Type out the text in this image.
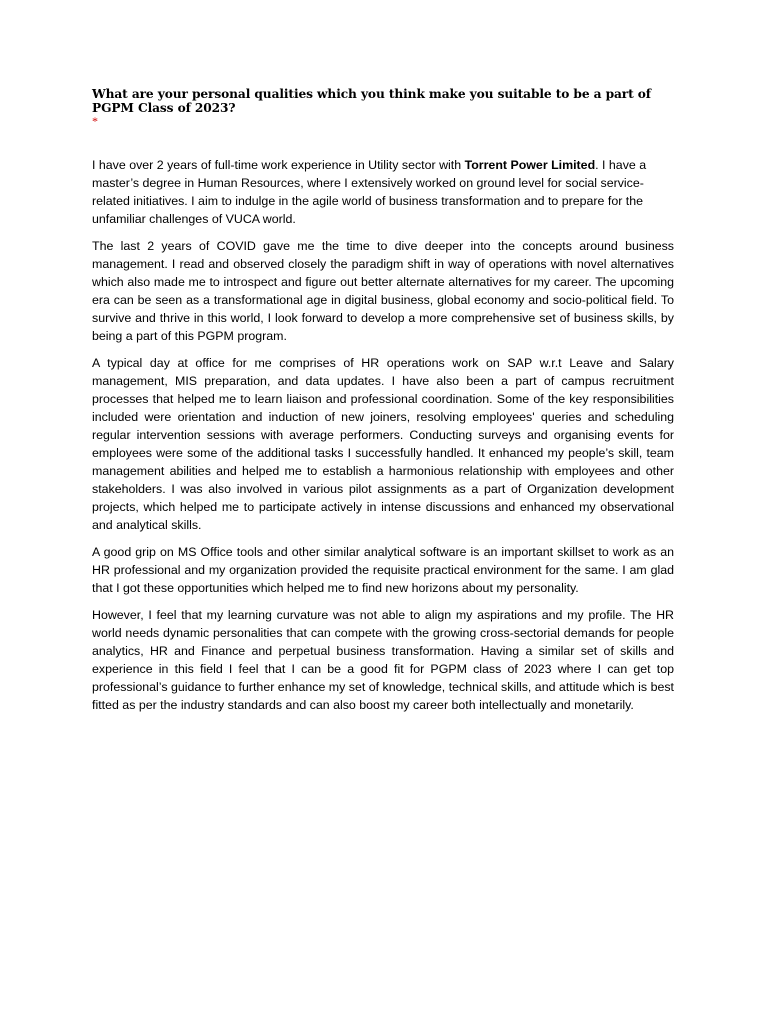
What are your personal qualities which you think make you suitable to be a part of PGPM Class of 2023?
*

I have over 2 years of full-time work experience in Utility sector with Torrent Power Limited. I have a master’s degree in Human Resources, where I extensively worked on ground level for social service-related initiatives. I aim to indulge in the agile world of business transformation and to prepare for the unfamiliar challenges of VUCA world.

The last 2 years of COVID gave me the time to dive deeper into the concepts around business management. I read and observed closely the paradigm shift in way of operations with novel alternatives which also made me to introspect and figure out better alternate alternatives for my career. The upcoming era can be seen as a transformational age in digital business, global economy and socio-political field. To survive and thrive in this world, I look forward to develop a more comprehensive set of business skills, by being a part of this PGPM program.

A typical day at office for me comprises of HR operations work on SAP w.r.t Leave and Salary management, MIS preparation, and data updates. I have also been a part of campus recruitment processes that helped me to learn liaison and professional coordination. Some of the key responsibilities included were orientation and induction of new joiners, resolving employees' queries and scheduling regular intervention sessions with average performers. Conducting surveys and organising events for employees were some of the additional tasks I successfully handled. It enhanced my people’s skill, team management abilities and helped me to establish a harmonious relationship with employees and other stakeholders. I was also involved in various pilot assignments as a part of Organization development projects, which helped me to participate actively in intense discussions and enhanced my observational and analytical skills.

A good grip on MS Office tools and other similar analytical software is an important skillset to work as an HR professional and my organization provided the requisite practical environment for the same. I am glad that I got these opportunities which helped me to find new horizons about my personality.

However, I feel that my learning curvature was not able to align my aspirations and my profile. The HR world needs dynamic personalities that can compete with the growing cross-sectorial demands for people analytics, HR and Finance and perpetual business transformation. Having a similar set of skills and experience in this field I feel that I can be a good fit for PGPM class of 2023 where I can get top professional’s guidance to further enhance my set of knowledge, technical skills, and attitude which is best fitted as per the industry standards and can also boost my career both intellectually and monetarily.
